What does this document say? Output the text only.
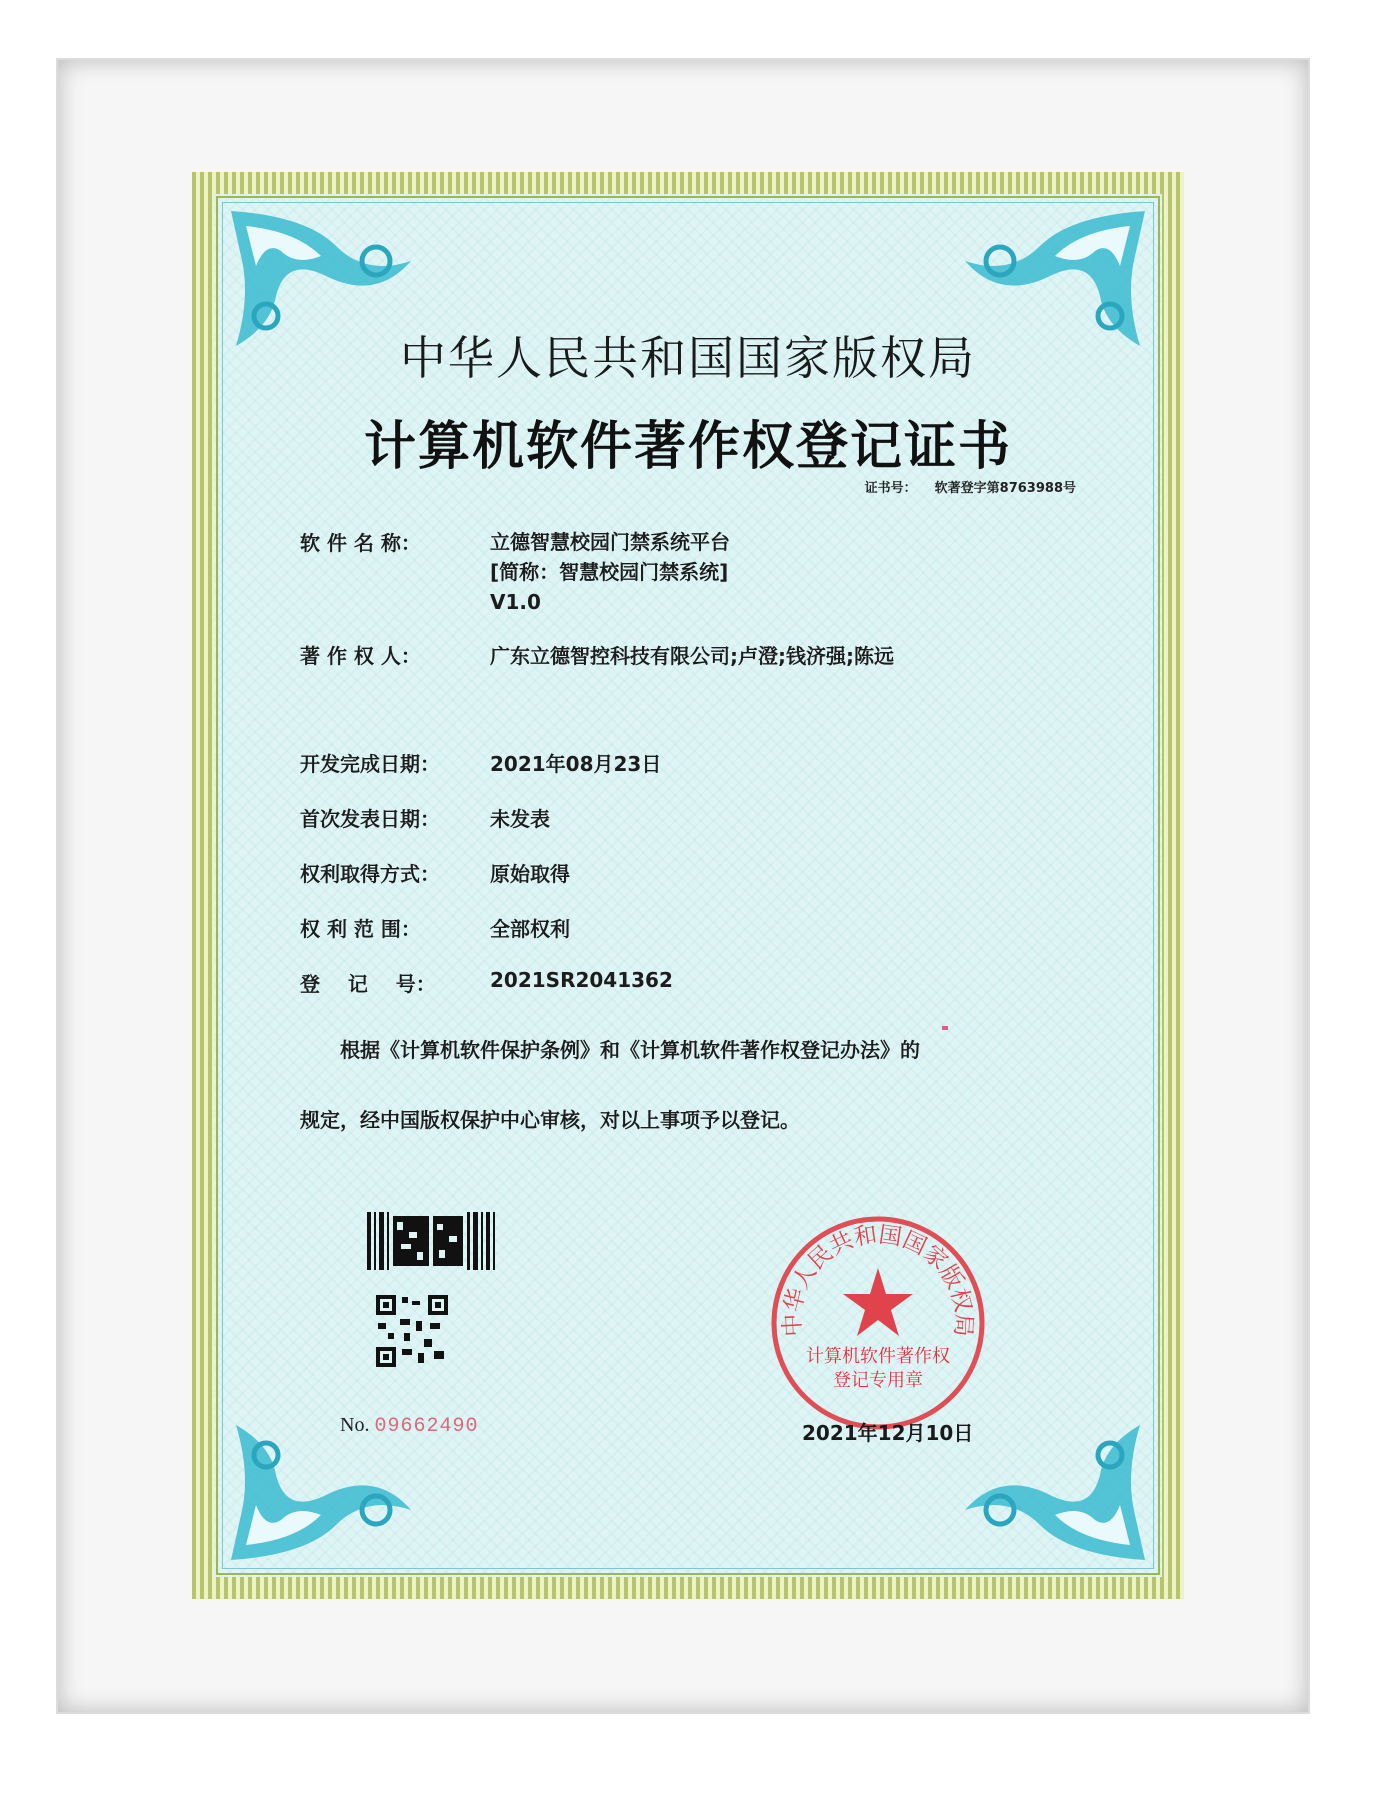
中华人民共和国国家版权局
计算机软件著作权登记证书
证书号： 软著登字第8763988号
软 件 名 称：	立德智慧校园门禁系统平台
[简称：智慧校园门禁系统]
V1.0
著 作 权 人：	广东立德智控科技有限公司;卢澄;钱济强;陈远
开发完成日期：	2021年08月23日
首次发表日期：	未发表
权利取得方式：	原始取得
权 利 范 围：	全部权利
登    记    号：	2021SR2041362
根据《计算机软件保护条例》和《计算机软件著作权登记办法》的
规定，经中国版权保护中心审核，对以上事项予以登记。
No. 09662490
中华人民共和国国家版权局
计算机软件著作权
登记专用章
2021年12月10日
